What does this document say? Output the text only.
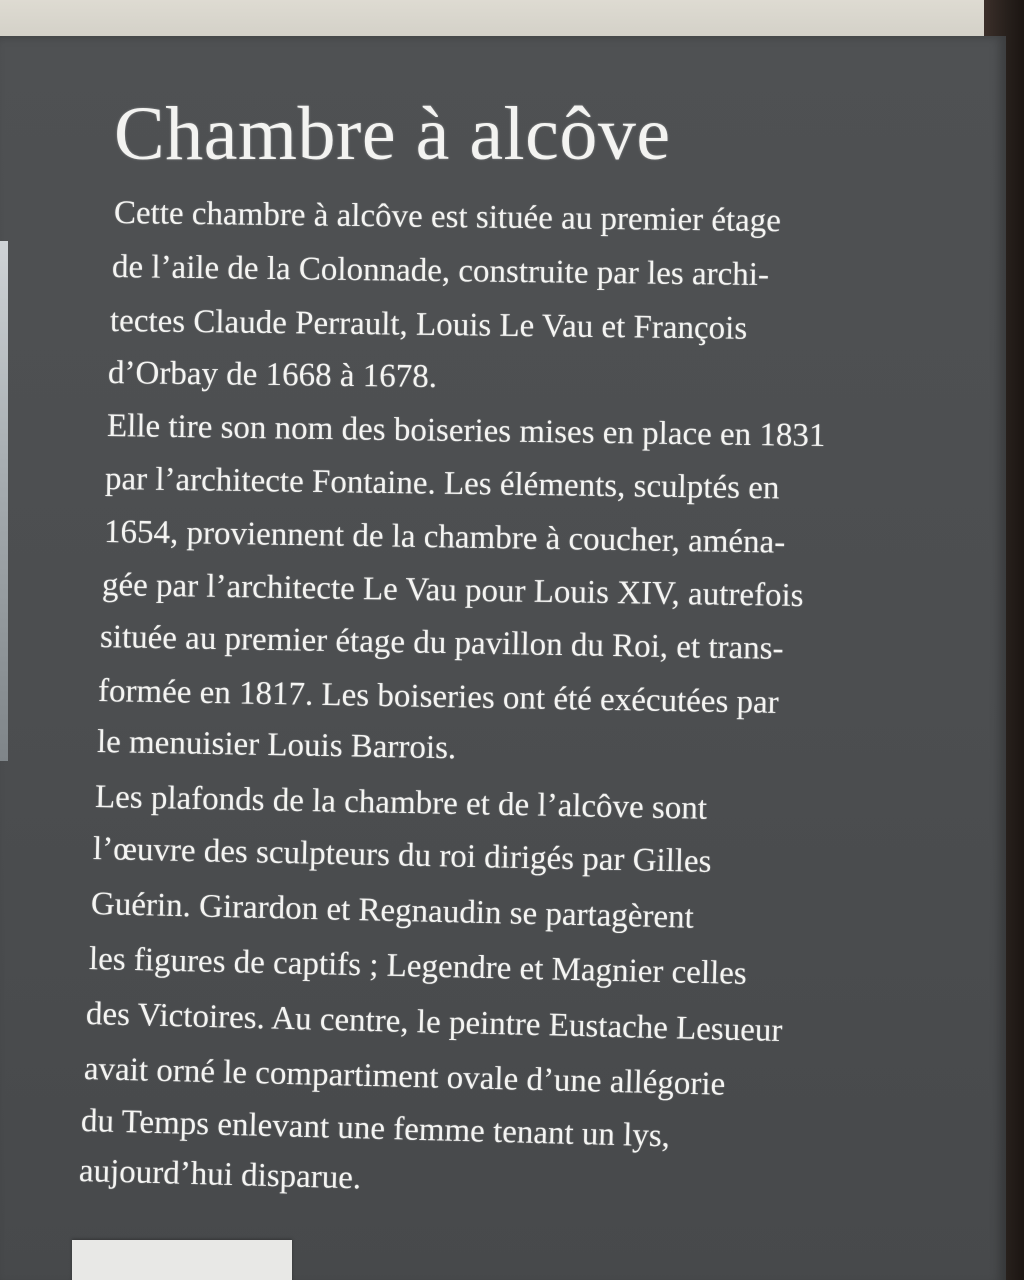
Chambre à alcôve

Cette chambre à alcôve est située au premier étage

de l’aile de la Colonnade, construite par les archi-

tectes Claude Perrault, Louis Le Vau et François

d’Orbay de 1668 à 1678.

Elle tire son nom des boiseries mises en place en 1831

par l’architecte Fontaine. Les éléments, sculptés en

1654, proviennent de la chambre à coucher, aména-

gée par l’architecte Le Vau pour Louis XIV, autrefois

située au premier étage du pavillon du Roi, et trans-

formée en 1817. Les boiseries ont été exécutées par

le menuisier Louis Barrois.

Les plafonds de la chambre et de l’alcôve sont

l’œuvre des sculpteurs du roi dirigés par Gilles

Guérin. Girardon et Regnaudin se partagèrent

les figures de captifs ; Legendre et Magnier celles

des Victoires. Au centre, le peintre Eustache Lesueur

avait orné le compartiment ovale d’une allégorie

du Temps enlevant une femme tenant un lys,

aujourd’hui disparue.
